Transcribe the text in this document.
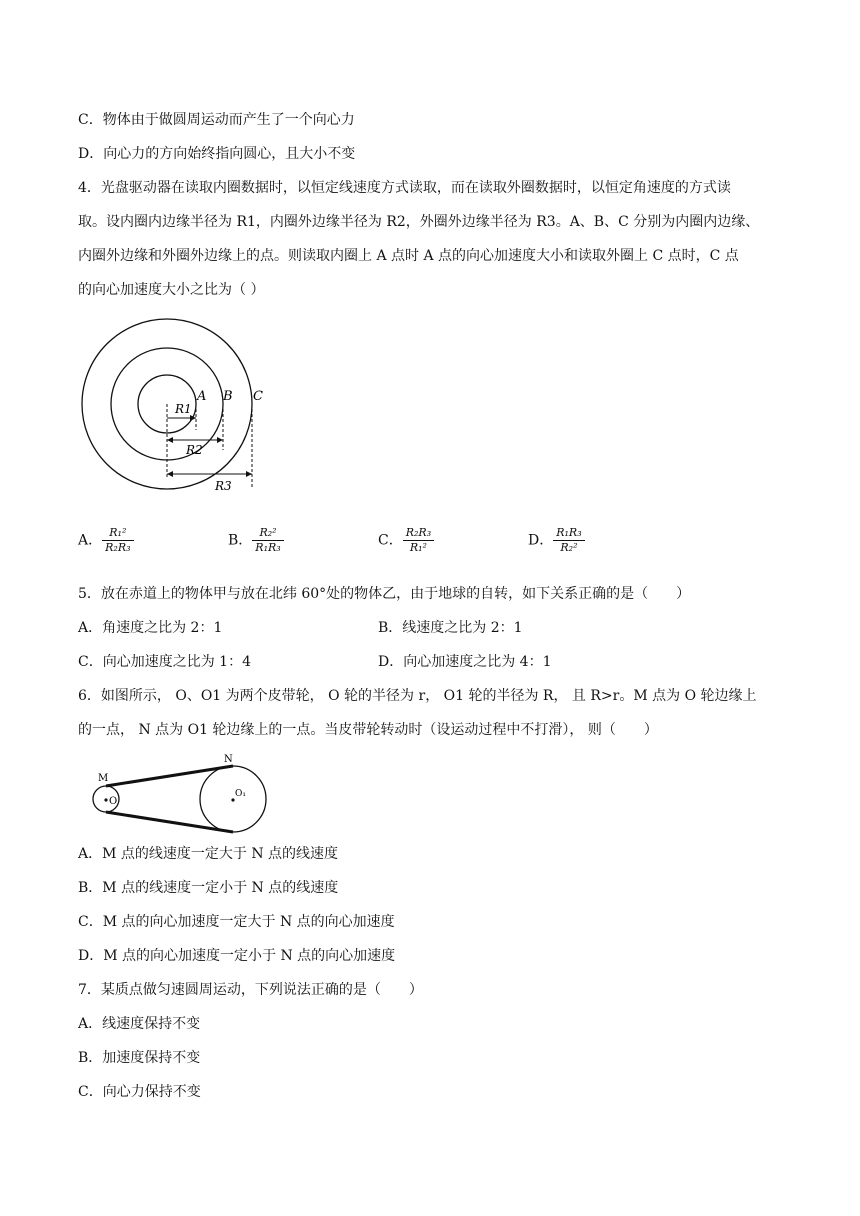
C．物体由于做圆周运动而产生了一个向心力
D．向心力的方向始终指向圆心，且大小不变
4．光盘驱动器在读取内圈数据时，以恒定线速度方式读取，而在读取外圈数据时，以恒定角速度的方式读
取。设内圈内边缘半径为 R1，内圈外边缘半径为 R2，外圈外边缘半径为 R3。A、B、C 分别为内圈内边缘、
内圈外边缘和外圈外边缘上的点。则读取内圈上 A 点时 A 点的向心加速度大小和读取外圈上 C 点时，C 点
的向心加速度大小之比为（ ）
A B C
R1
R2
R3
A． $\frac{\text{R₁²}}{\text{R₂R₃}}$	B． $\frac{\text{R₂²}}{\text{R₁R₃}}$	C． $\frac{\text{R₂R₃}}{\text{R₁²}}$	D． $\frac{\text{R₁R₃}}{\text{R₂²}}$
5．放在赤道上的物体甲与放在北纬 60°处的物体乙，由于地球的自转，如下关系正确的是（　　）
A．角速度之比为 2：1	B．线速度之比为 2：1
C．向心加速度之比为 1：4	D．向心加速度之比为 4：1
6．如图所示， O、O1 为两个皮带轮， O 轮的半径为 r， O1 轮的半径为 R， 且 R>r。M 点为 O 轮边缘上
的一点， N 点为 O1 轮边缘上的一点。当皮带轮转动时（设运动过程中不打滑）， 则（　　）
M
N
O
O₁
A．M 点的线速度一定大于 N 点的线速度
B．M 点的线速度一定小于 N 点的线速度
C．M 点的向心加速度一定大于 N 点的向心加速度
D．M 点的向心加速度一定小于 N 点的向心加速度
7．某质点做匀速圆周运动，下列说法正确的是（　　）
A．线速度保持不变
B．加速度保持不变
C．向心力保持不变
